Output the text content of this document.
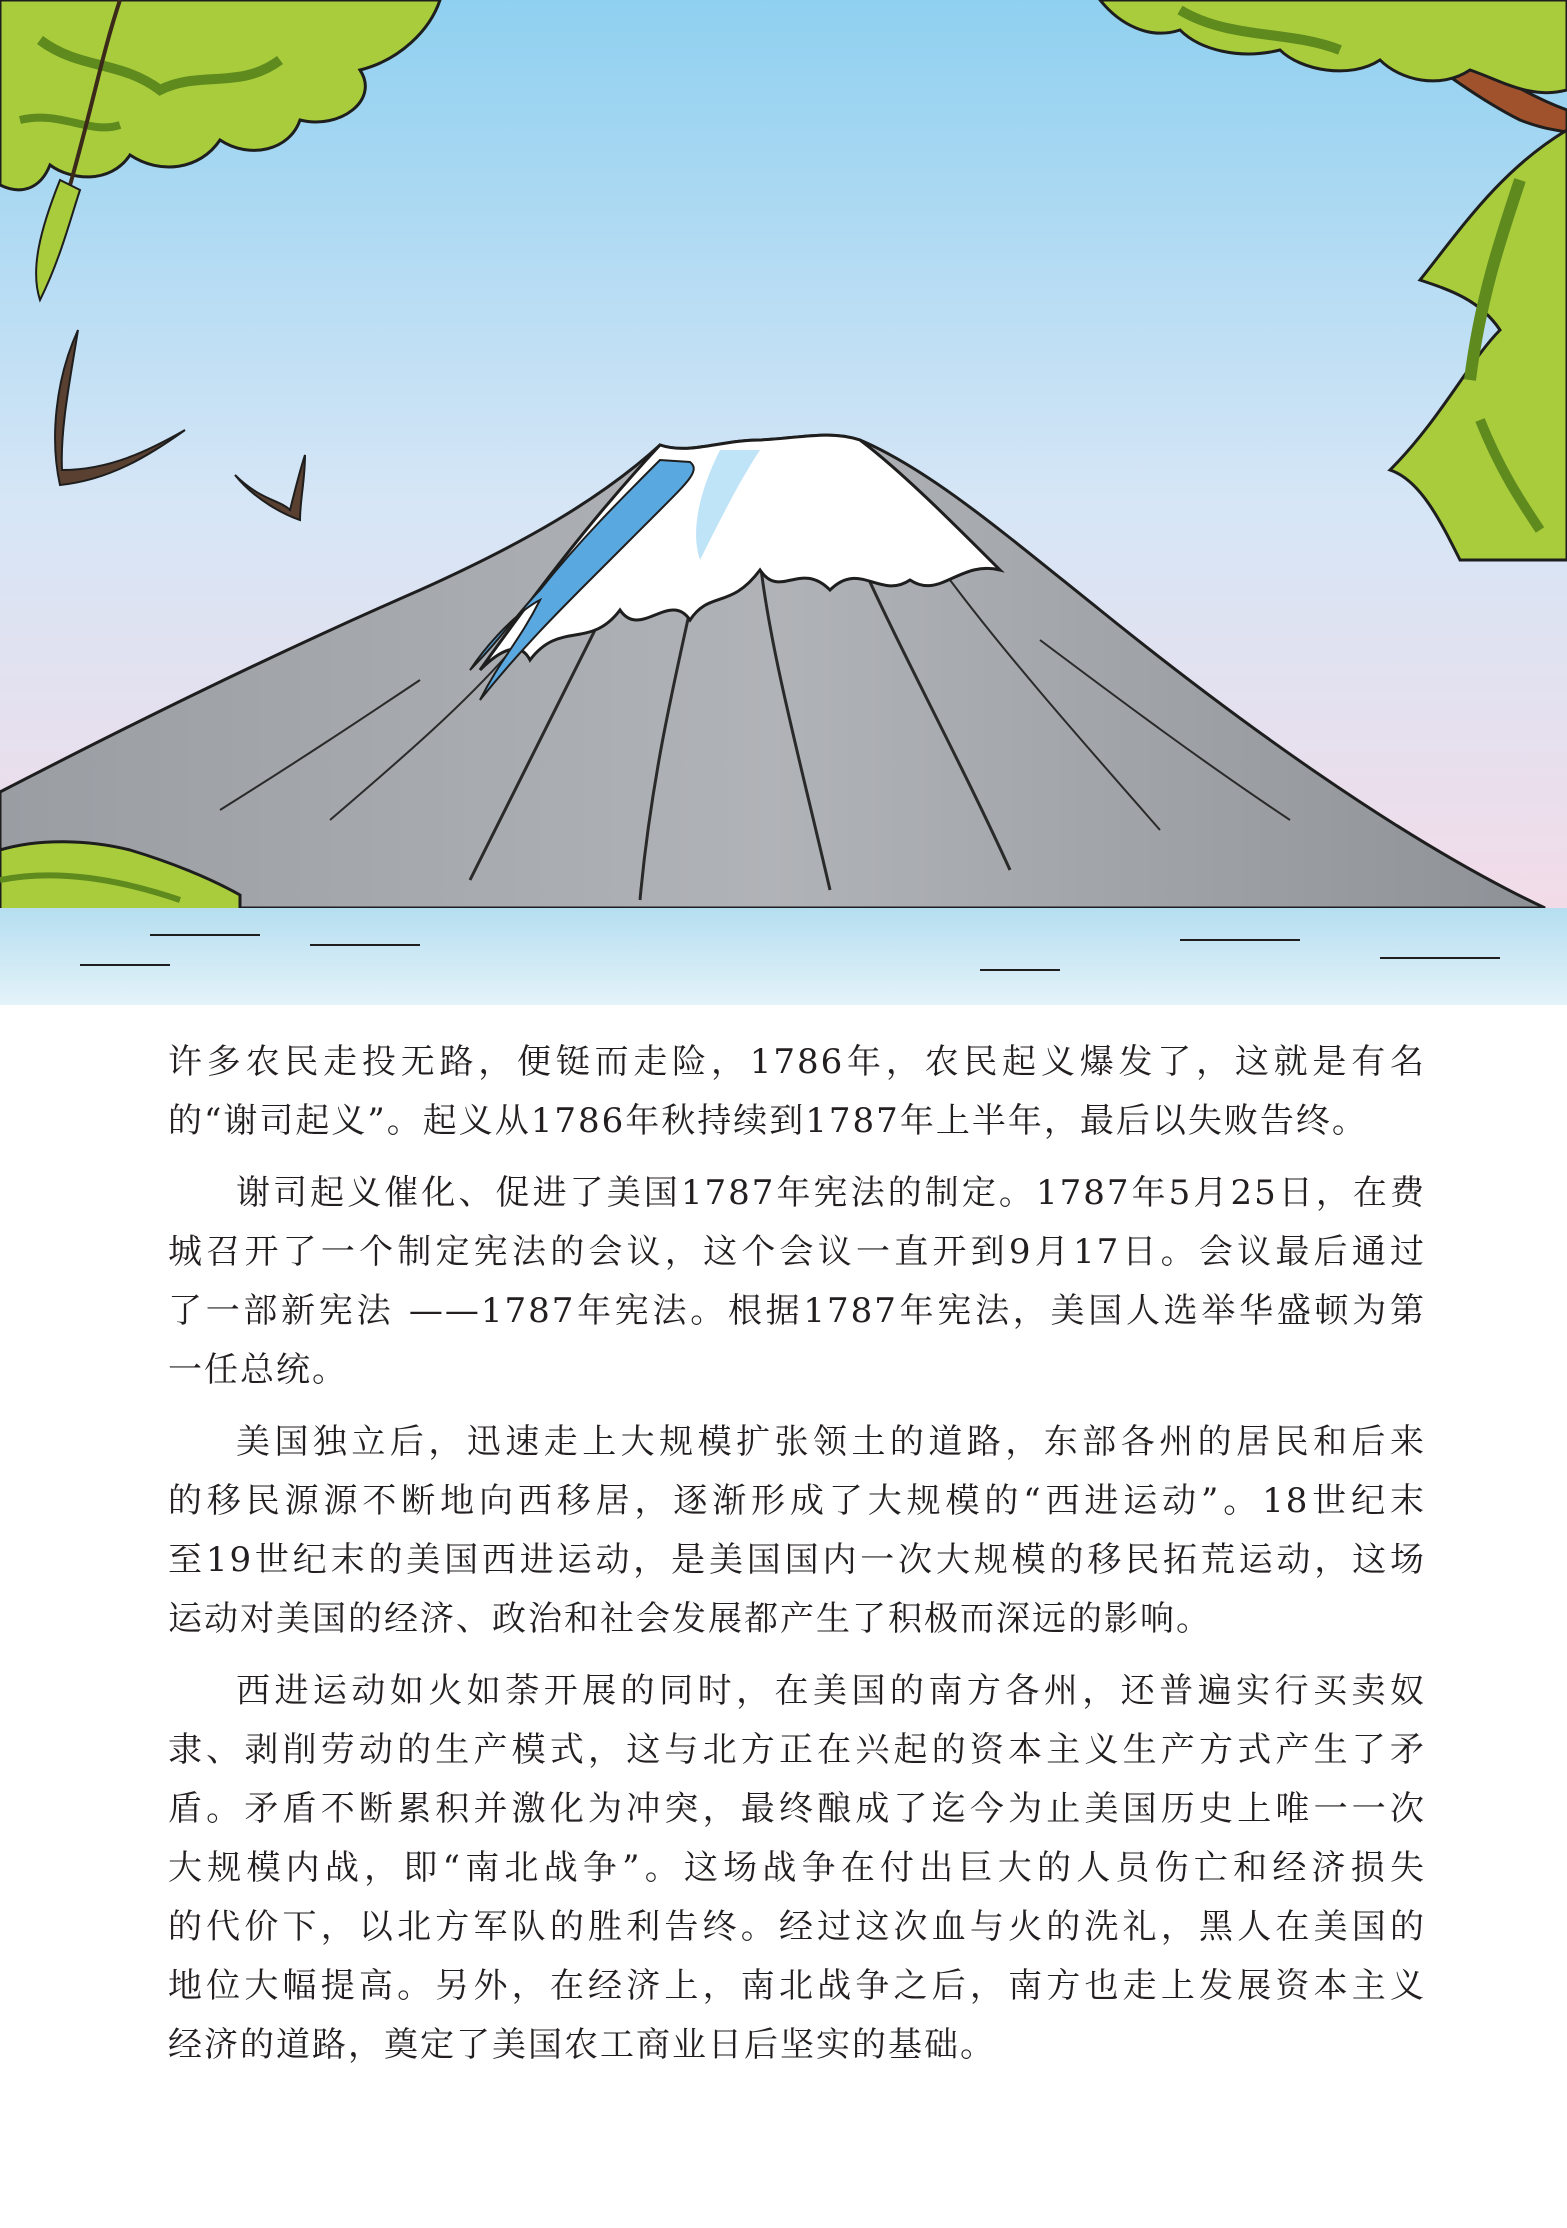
许多农民走投无路，便铤而走险，1786年，农民起义爆发了，这就是有名
的“谢司起义”。起义从1786年秋持续到1787年上半年，最后以失败告终。

谢司起义催化、促进了美国1787年宪法的制定。1787年5月25日，在费
城召开了一个制定宪法的会议，这个会议一直开到9月17日。会议最后通过
了一部新宪法 ——1787年宪法。根据1787年宪法，美国人选举华盛顿为第
一任总统。

美国独立后，迅速走上大规模扩张领土的道路，东部各州的居民和后来
的移民源源不断地向西移居，逐渐形成了大规模的“西进运动”。18世纪末
至19世纪末的美国西进运动，是美国国内一次大规模的移民拓荒运动，这场
运动对美国的经济、政治和社会发展都产生了积极而深远的影响。

西进运动如火如荼开展的同时，在美国的南方各州，还普遍实行买卖奴
隶、剥削劳动的生产模式，这与北方正在兴起的资本主义生产方式产生了矛
盾。矛盾不断累积并激化为冲突，最终酿成了迄今为止美国历史上唯一一次
大规模内战，即“南北战争”。这场战争在付出巨大的人员伤亡和经济损失
的代价下，以北方军队的胜利告终。经过这次血与火的洗礼，黑人在美国的
地位大幅提高。另外，在经济上，南北战争之后，南方也走上发展资本主义
经济的道路，奠定了美国农工商业日后坚实的基础。
